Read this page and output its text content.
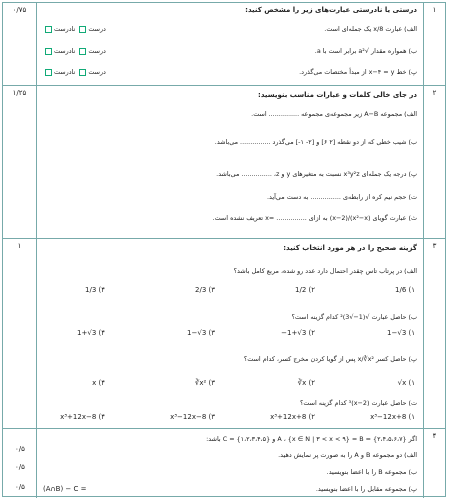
۰/۷۵	۱
درستی یا نادرستی عبارت‌های زیر را مشخص کنید:
الف) عبارت x/8 یک جمله‌ای است.
ب) همواره مقدار √a² برابر است با a.
پ) خط x−۴ = y از مبدأ مختصات می‌گذرد.
درست نادرست
درست نادرست
درست نادرست
۱/۲۵	۲
در جای خالی کلمات و عبارات مناسب بنویسید:
الف) مجموعه A−B زیر مجموعه‌ی مجموعه ............... است.
ب) شیب خطی که از دو نقطه [۲ ۶] و [۲- ۱-] می‌گذرد ............... می‌باشد.
پ) درجه یک جمله‌ای x³y²z نسبت به متغیرهای y و z، ............... می‌باشد.
ت) حجم نیم کره از رابطه‌ی ............... به دست می‌آید.
ث) عبارت گویای (x²−x)/(x−2) به ازای ............... =x تعریف نشده است.
۱	۳
گزینه صحیح را در هر مورد انتخاب کنید:
الف) در پرتاب تاس چقدر احتمال دارد عدد رو شده، مربع کامل باشد؟
1/6 (۱
1/2 (۲
2/3 (۳
1/3 (۴
ب) حاصل عبارت √(1−√3)² کدام گزینه است؟
1−√3 (۱
−1+√3 (۲
1−√3 (۳
1+√3 (۴
پ) حاصل کسر x/∛x² پس از گویا کردن مخرج کسر، کدام است؟
√x (۱
∛x (۲
∛x² (۳
x (۴
ت) حاصل عبارت (x−2)³ کدام گزینه است؟
x³−12x+8 (۱
x³+12x+8 (۲
x³−12x−8 (۳
x³+12x−8 (۴
۰/۵
۰/۵
۰/۵
۴
اگر {۲،۴،۵،۶،۷} = A ، {x ∈ N | ۳ < x < ۹} = B و {۱،۲،۳،۴،۵} = C باشد:
الف) دو مجموعه B و A را به صورت پر نمایش دهید.
ب) مجموعه B را با اعضا بنویسید.
پ) مجموعه مقابل را با اعضا بنویسید.
(A∩B) − C =
